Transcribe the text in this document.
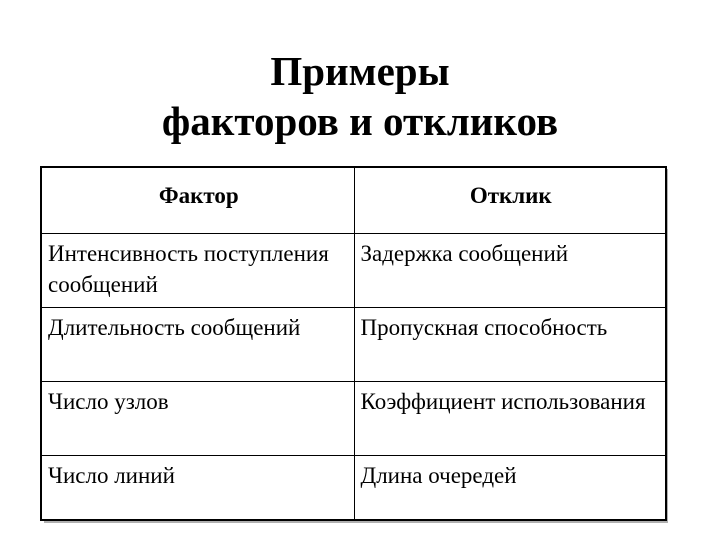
Примеры
факторов и откликов
Фактор	Отклик
Интенсивность поступления сообщений	Задержка сообщений
Длительность сообщений	Пропускная способность
Число узлов	Коэффициент использования
Число линий	Длина очередей
